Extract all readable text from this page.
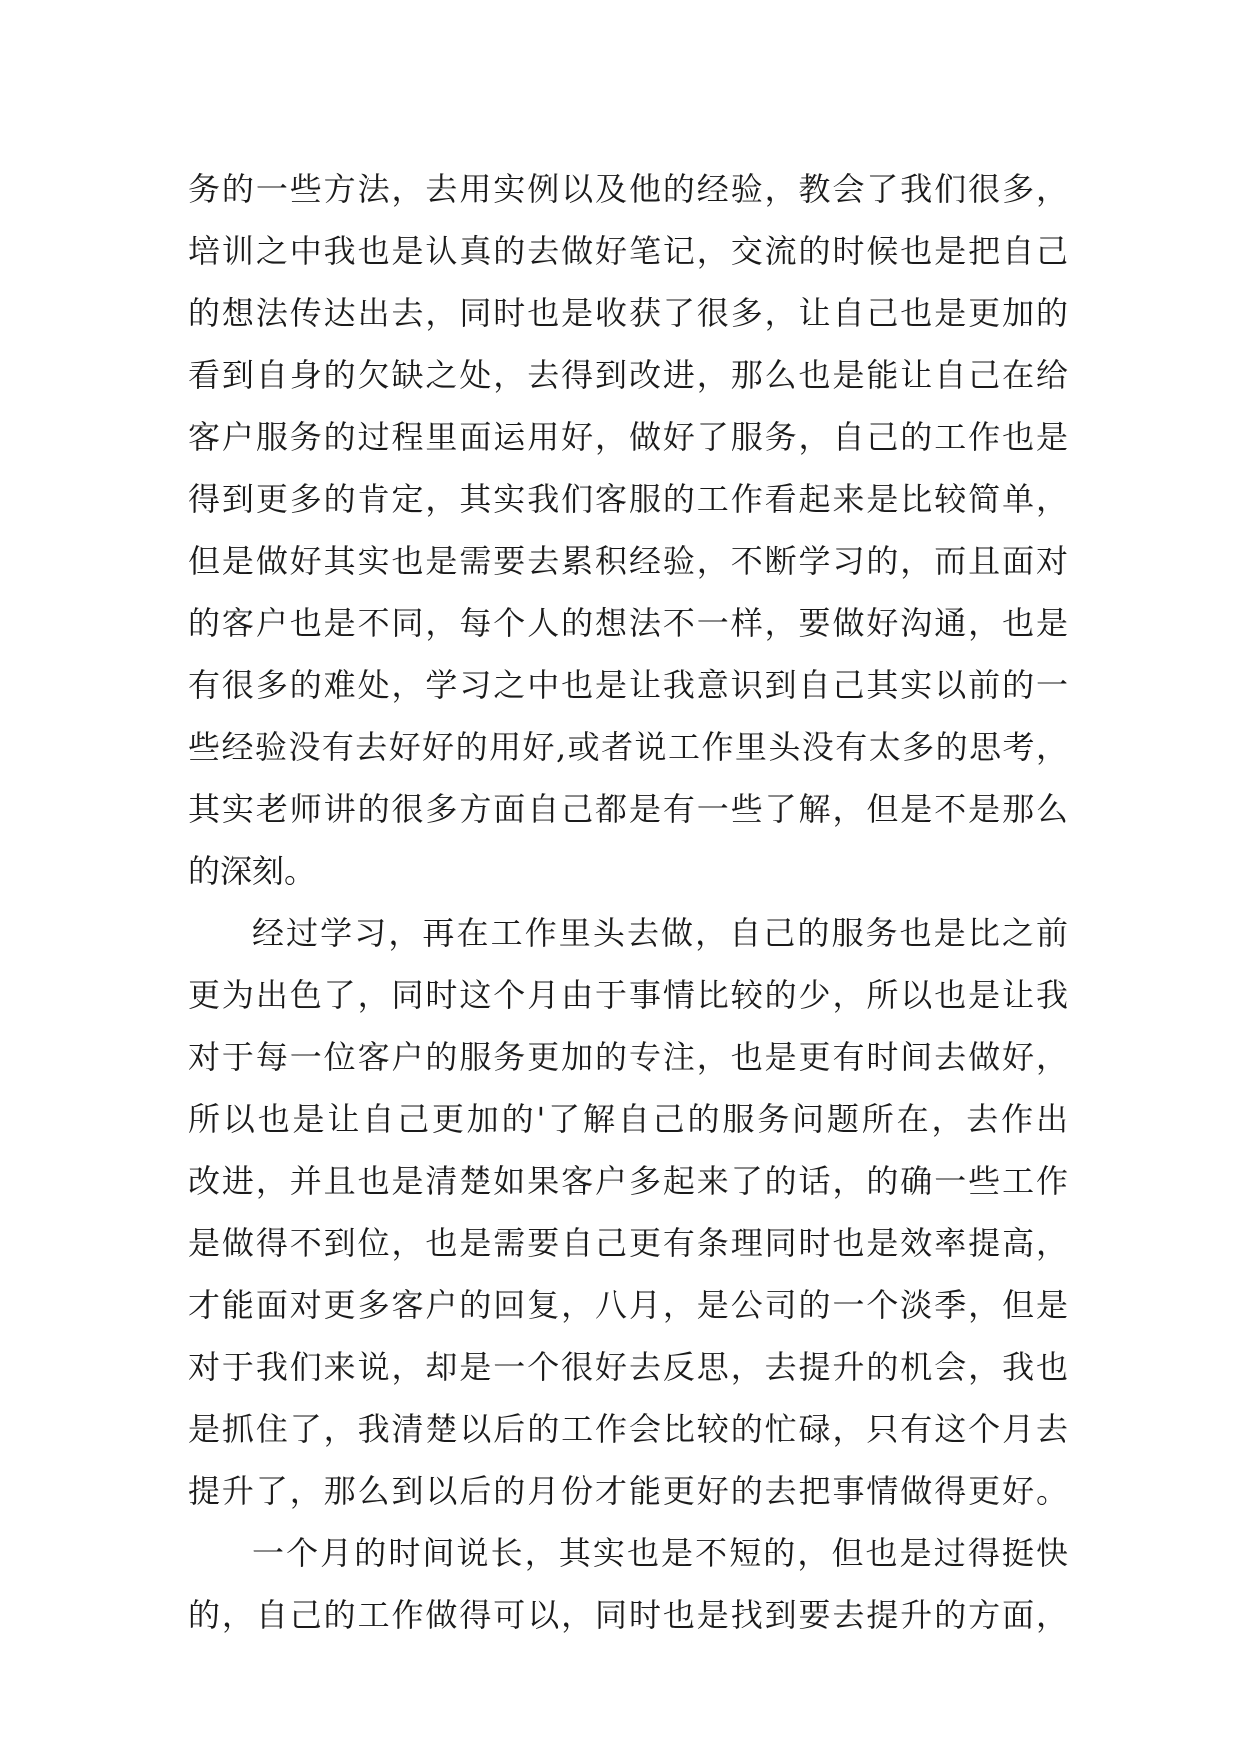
务的一些方法，去用实例以及他的经验，教会了我们很多，
培训之中我也是认真的去做好笔记，交流的时候也是把自己
的想法传达出去，同时也是收获了很多，让自己也是更加的
看到自身的欠缺之处，去得到改进，那么也是能让自己在给
客户服务的过程里面运用好，做好了服务，自己的工作也是
得到更多的肯定，其实我们客服的工作看起来是比较简单，
但是做好其实也是需要去累积经验，不断学习的，而且面对
的客户也是不同，每个人的想法不一样，要做好沟通，也是
有很多的难处，学习之中也是让我意识到自己其实以前的一
些经验没有去好好的用好,或者说工作里头没有太多的思考，
其实老师讲的很多方面自己都是有一些了解，但是不是那么
的深刻。
经过学习，再在工作里头去做，自己的服务也是比之前
更为出色了，同时这个月由于事情比较的少，所以也是让我
对于每一位客户的服务更加的专注，也是更有时间去做好，
所以也是让自己更加的'了解自己的服务问题所在，去作出
改进，并且也是清楚如果客户多起来了的话，的确一些工作
是做得不到位，也是需要自己更有条理同时也是效率提高，
才能面对更多客户的回复，八月，是公司的一个淡季，但是
对于我们来说，却是一个很好去反思，去提升的机会，我也
是抓住了，我清楚以后的工作会比较的忙碌，只有这个月去
提升了，那么到以后的月份才能更好的去把事情做得更好。
一个月的时间说长，其实也是不短的，但也是过得挺快
的，自己的工作做得可以，同时也是找到要去提升的方面，
